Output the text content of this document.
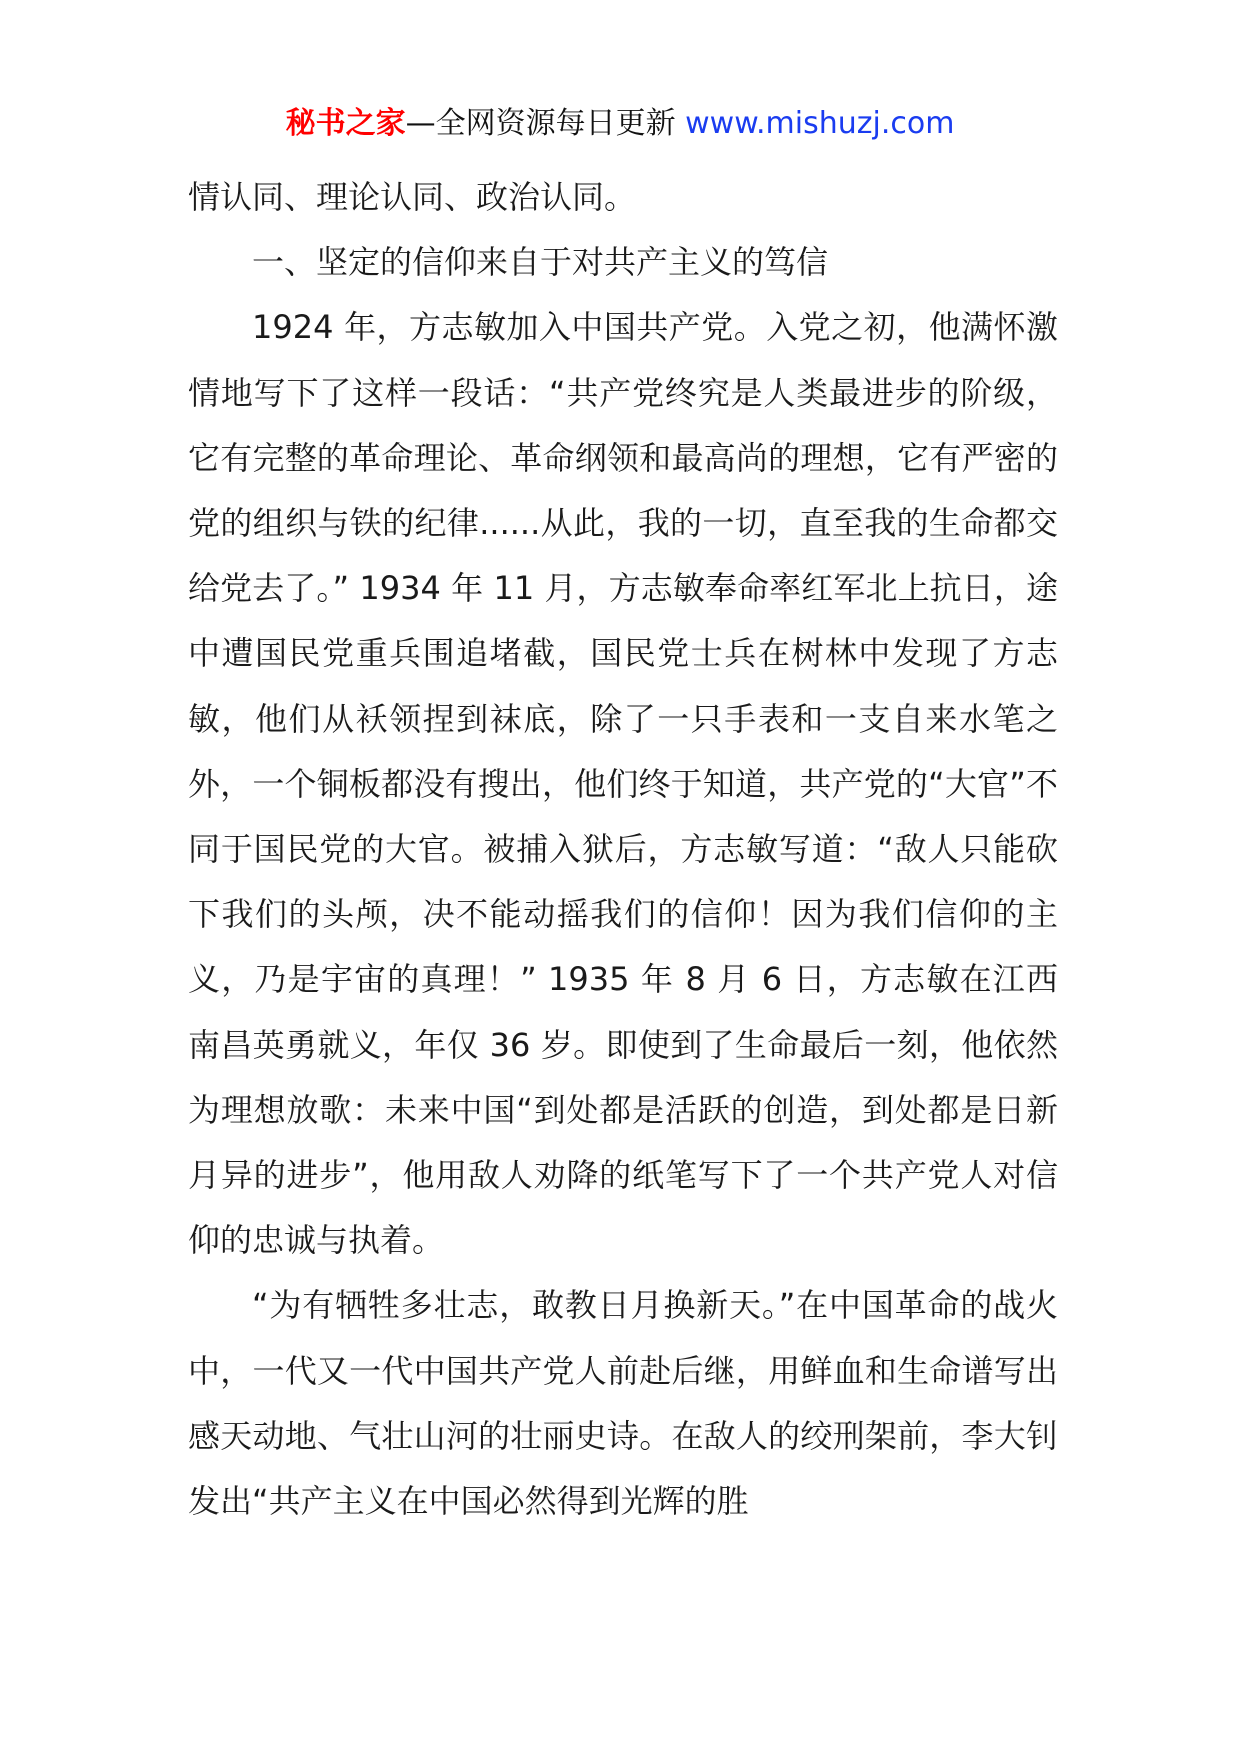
秘书之家—全网资源每日更新 www.mishuzj.com

情认同、理论认同、政治认同。

一、坚定的信仰来自于对共产主义的笃信

1924 年，方志敏加入中国共产党。入党之初，他满怀激情地写下了这样一段话：“共产党终究是人类最进步的阶级，它有完整的革命理论、革命纲领和最高尚的理想，它有严密的党的组织与铁的纪律......从此，我的一切，直至我的生命都交给党去了。” 1934 年 11 月，方志敏奉命率红军北上抗日，途中遭国民党重兵围追堵截，国民党士兵在树林中发现了方志敏，他们从袄领捏到袜底，除了一只手表和一支自来水笔之外，一个铜板都没有搜出，他们终于知道，共产党的“大官”不同于国民党的大官。被捕入狱后，方志敏写道：“敌人只能砍下我们的头颅，决不能动摇我们的信仰！因为我们信仰的主义，乃是宇宙的真理！” 1935 年 8 月 6 日，方志敏在江西南昌英勇就义，年仅 36 岁。即使到了生命最后一刻，他依然为理想放歌：未来中国“到处都是活跃的创造，到处都是日新月异的进步”，他用敌人劝降的纸笔写下了一个共产党人对信仰的忠诚与执着。

“为有牺牲多壮志，敢教日月换新天。”在中国革命的战火中，一代又一代中国共产党人前赴后继，用鲜血和生命谱写出感天动地、气壮山河的壮丽史诗。在敌人的绞刑架前，李大钊发出“共产主义在中国必然得到光辉的胜
